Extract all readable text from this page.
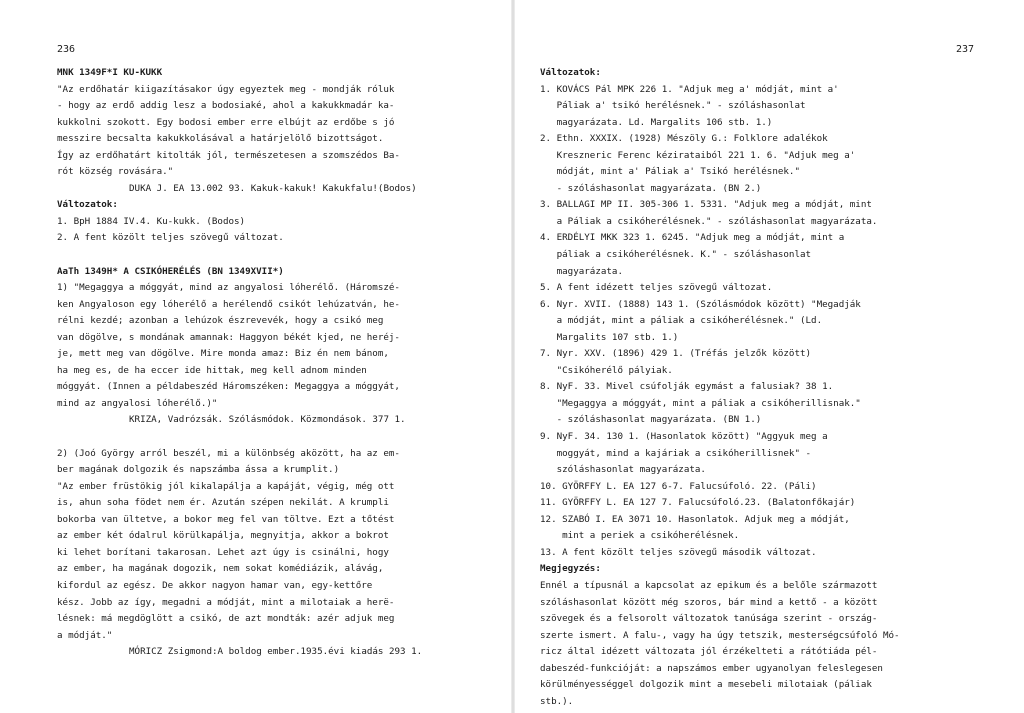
236
MNK 1349F*I KU-KUKK
"Az erdőhatár kiigazításakor úgy egyeztek meg - mondják róluk
- hogy az erdő addig lesz a bodosiaké, ahol a kakukkmadár ka-
kukkolni szokott. Egy bodosi ember erre elbújt az erdőbe s jó
messzire becsalta kakukkolásával a határjelölő bizottságot.
Így az erdőhatárt kitolták jól, természetesen a szomszédos Ba-
rót község rovására."
DUKA J. EA 13.002 93. Kakuk-kakuk! Kakukfalu!(Bodos)
Változatok:
1. BpH 1884 IV.4. Ku-kukk. (Bodos)
2. A fent közölt teljes szövegű változat.
AaTh 1349H* A CSIKÓHERÉLÉS (BN 1349XVII*)
1) "Megaggya a móggyát, mind az angyalosi lóherélő. (Háromszé-
ken Angyaloson egy lóherélő a herélendő csikót lehúzatván, he-
rélni kezdé; azonban a lehúzok észrevevék, hogy a csikó meg
van dögölve, s mondának amannak: Haggyon békét kjed, ne heréj-
je, mett meg van dögölve. Mire monda amaz: Biz én nem bánom,
ha meg es, de ha eccer ide hittak, meg kell adnom minden
móggyát. (Innen a példabeszéd Háromszéken: Megaggya a móggyát,
mind az angyalosi lóherélő.)"
KRIZA, Vadrózsák. Szólásmódok. Közmondások. 377 1.
2) (Joó György arról beszél, mi a különbség aközött, ha az em-
ber magának dolgozik és napszámba ássa a krumplit.)
"Az ember früstökig jól kikalapálja a kapáját, végig, még ott
is, ahun soha födet nem ér. Azután szépen nekilát. A krumpli
bokorba van ültetve, a bokor meg fel van töltve. Ezt a tőtést
az ember két ódalrul körülkapálja, megnyitja, akkor a bokrot
ki lehet borítani takarosan. Lehet azt úgy is csinálni, hogy
az ember, ha magának dogozik, nem sokat komédiázik, alávág,
kifordul az egész. De akkor nagyon hamar van, egy-kettőre
kész. Jobb az így, megadni a módját, mint a milotaiak a herë-
lésnek: má megdöglött a csikó, de azt mondták: azér adjuk meg
a módját."
MÓRICZ Zsigmond:A boldog ember.1935.évi kiadás 293 1.
237
Változatok:
1. KOVÁCS Pál MPK 226 1. "Adjuk meg a' módját, mint a'
Páliak a' tsikó herélésnek." - szóláshasonlat
magyarázata. Ld. Margalits 106 stb. 1.)
2. Ethn. XXXIX. (1928) Mészöly G.: Folklore adalékok
Kreszneric Ferenc kézirataiból 221 1. 6. "Adjuk meg a'
módját, mint a' Páliak a' Tsikó herélésnek."
- szóláshasonlat magyarázata. (BN 2.)
3. BALLAGI MP II. 305-306 1. 5331. "Adjuk meg a módját, mint
a Páliak a csikóherélésnek." - szóláshasonlat magyarázata.
4. ERDÉLYI MKK 323 1. 6245. "Adjuk meg a módját, mint a
páliak a csikóherélésnek. K." - szóláshasonlat
magyarázata.
5. A fent idézett teljes szövegű változat.
6. Nyr. XVII. (1888) 143 1. (Szólásmódok között) "Megadják
a módját, mint a páliak a csikóherélésnek." (Ld.
Margalits 107 stb. 1.)
7. Nyr. XXV. (1896) 429 1. (Tréfás jelzők között)
"Csikóherélő pályiak.
8. NyF. 33. Mivel csúfolják egymást a falusiak? 38 1.
"Megaggya a móggyát, mint a páliak a csikóherillisnak."
- szóláshasonlat magyarázata. (BN 1.)
9. NyF. 34. 130 1. (Hasonlatok között) "Aggyuk meg a
moggyát, mind a kajáriak a csikóherillisnek" -
szóláshasonlat magyarázata.
10. GYÖRFFY L. EA 127 6-7. Falucsúfoló. 22. (Páli)
11. GYÖRFFY L. EA 127 7. Falucsúfoló.23. (Balatonfőkajár)
12. SZABÓ I. EA 3071 10. Hasonlatok. Adjuk meg a módját,
mint a periek a csikóherélésnek.
13. A fent közölt teljes szövegű második változat.
Megjegyzés:
Ennél a típusnál a kapcsolat az epikum és a belőle származott
szóláshasonlat között még szoros, bár mind a kettő - a között
szövegek és a felsorolt változatok tanúsága szerint - ország-
szerte ismert. A falu-, vagy ha úgy tetszik, mesterségcsúfoló Mó-
ricz által idézett változata jól érzékelteti a rátótiáda pél-
dabeszéd-funkcióját: a napszámos ember ugyanolyan feleslegesen
körülményességgel dolgozik mint a mesebeli milotaiak (páliak
stb.).
